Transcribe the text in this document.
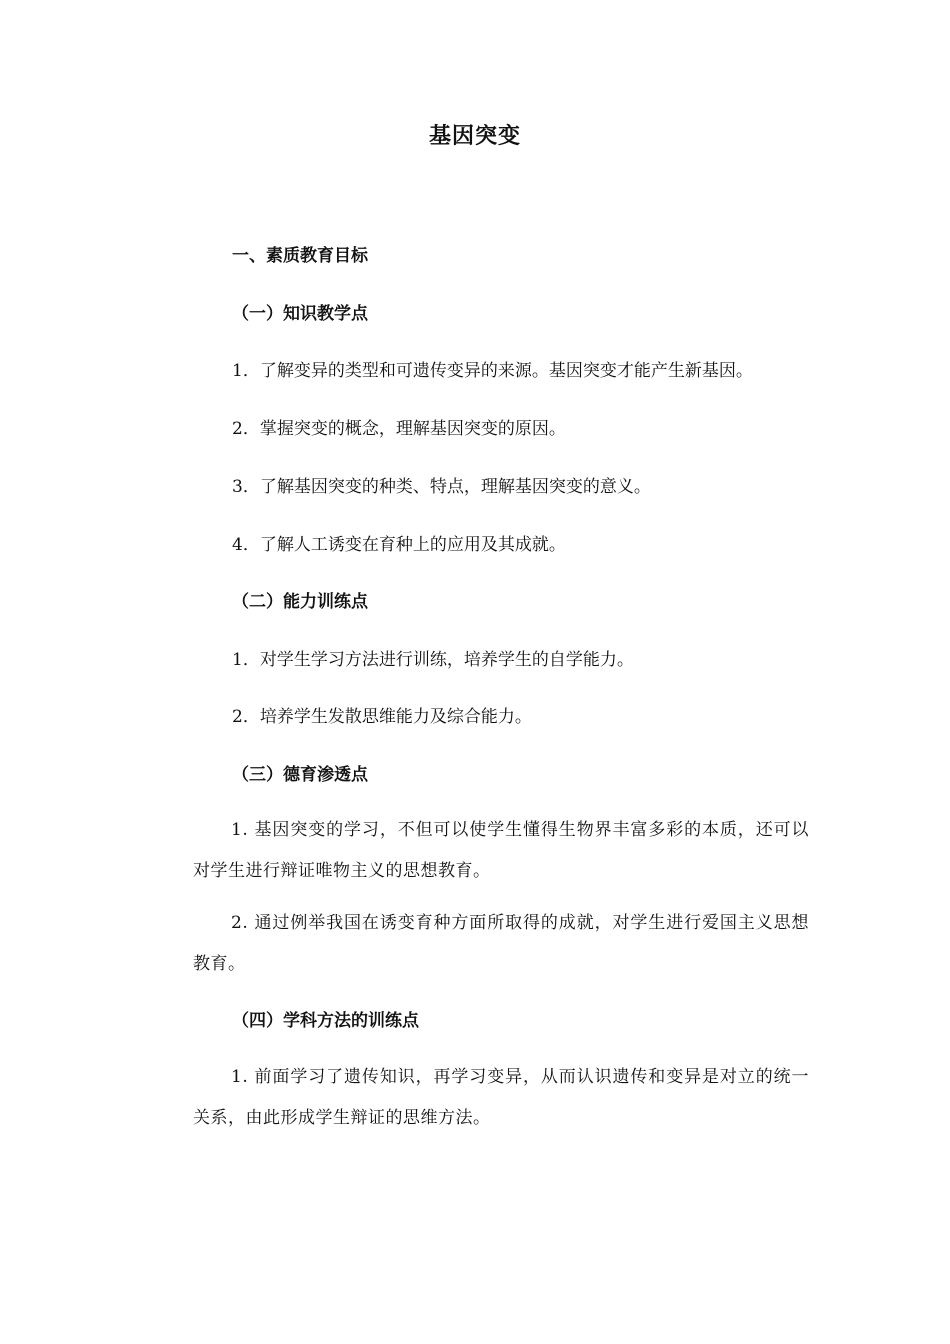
基因突变
一、素质教育目标
（一）知识教学点
1．了解变异的类型和可遗传变异的来源。基因突变才能产生新基因。
2．掌握突变的概念，理解基因突变的原因。
3．了解基因突变的种类、特点，理解基因突变的意义。
4．了解人工诱变在育种上的应用及其成就。
（二）能力训练点
1．对学生学习方法进行训练，培养学生的自学能力。
2．培养学生发散思维能力及综合能力。
（三）德育渗透点
1. 基因突变的学习，不但可以使学生懂得生物界丰富多彩的本质，还可以对学生进行辩证唯物主义的思想教育。
2. 通过例举我国在诱变育种方面所取得的成就，对学生进行爱国主义思想教育。
（四）学科方法的训练点
1. 前面学习了遗传知识，再学习变异，从而认识遗传和变异是对立的统一关系，由此形成学生辩证的思维方法。
